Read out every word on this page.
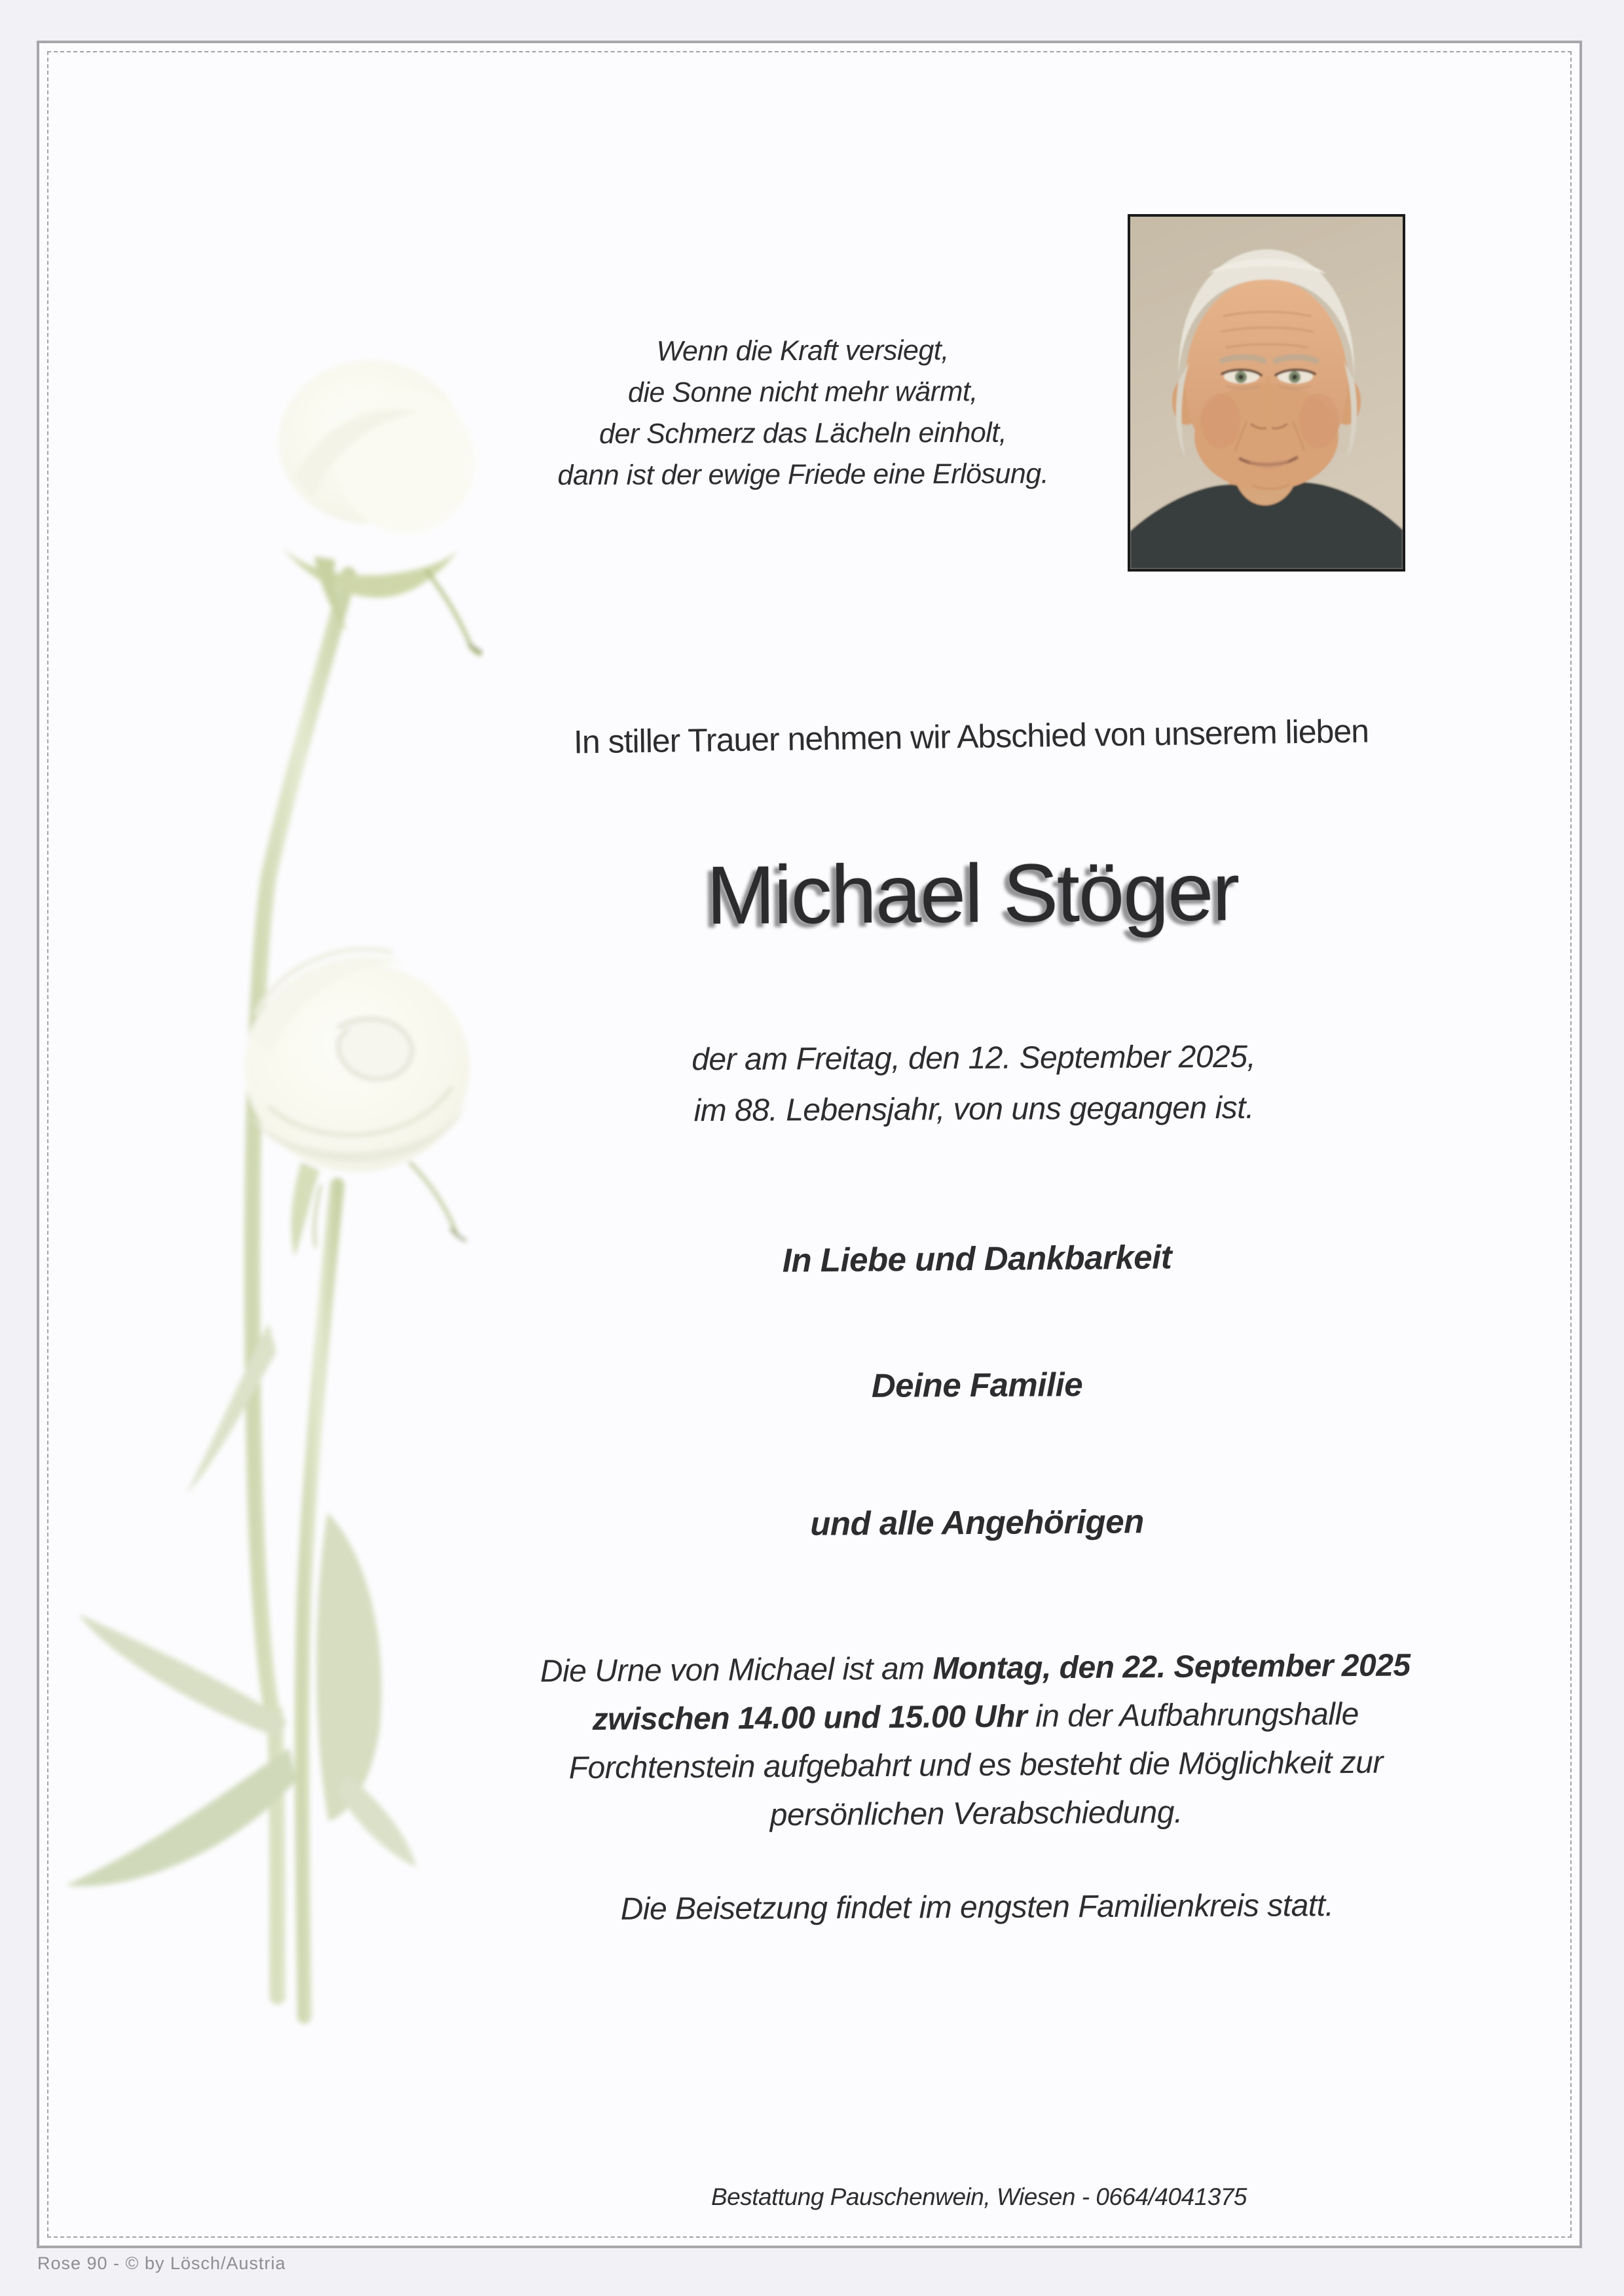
Wenn die Kraft versiegt,
die Sonne nicht mehr wärmt,
der Schmerz das Lächeln einholt,
dann ist der ewige Friede eine Erlösung.
In stiller Trauer nehmen wir Abschied von unserem lieben
Michael Stöger
der am Freitag, den 12. September 2025,
im 88. Lebensjahr, von uns gegangen ist.
In Liebe und Dankbarkeit
Deine Familie
und alle Angehörigen
Die Urne von Michael ist am Montag, den 22. September 2025
zwischen 14.00 und 15.00 Uhr in der Aufbahrungshalle
Forchtenstein aufgebahrt und es besteht die Möglichkeit zur
persönlichen Verabschiedung.
Die Beisetzung findet im engsten Familienkreis statt.
Bestattung Pauschenwein, Wiesen - 0664/4041375
Rose 90 - © by Lösch/Austria
